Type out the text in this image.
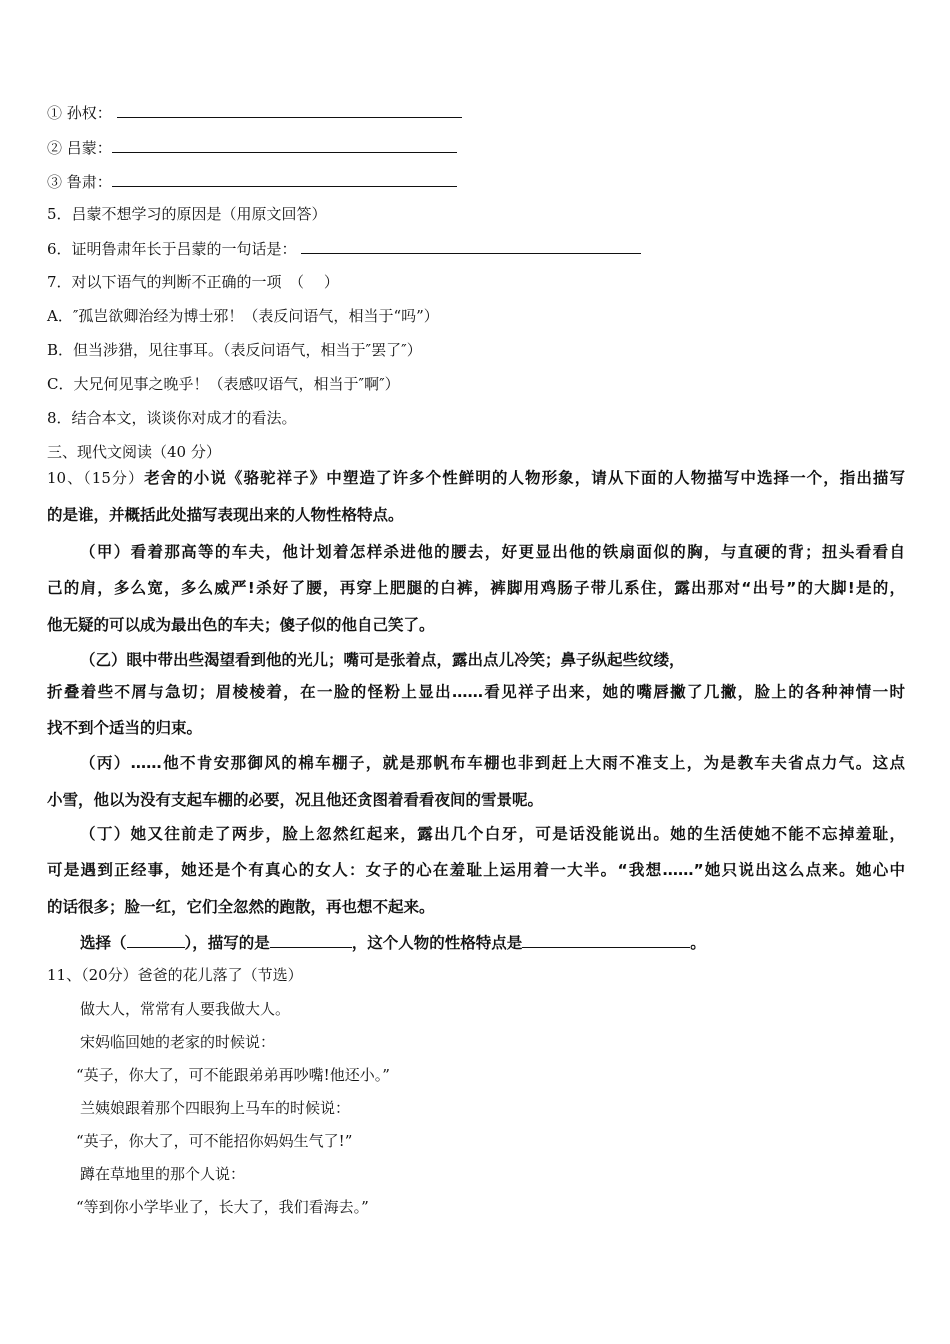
① 孙权：
② 吕蒙：
③ 鲁肃：
5．吕蒙不想学习的原因是（用原文回答）
6．证明鲁肃年长于吕蒙的一句话是：
7．对以下语气的判断不正确的一项　（　 ）
A．″孤岂欲卿治经为博士邪！（表反问语气，相当于“吗”）
B．但当涉猎，见往事耳。（表反问语气，相当于″罢了″）
C．大兄何见事之晚乎！（表感叹语气，相当于″啊″）
8．结合本文，谈谈你对成才的看法。
三、现代文阅读（40 分）
10、（15分）老舍的小说《骆驼祥子》中塑造了许多个性鲜明的人物形象，请从下面的人物描写中选择一个，指出描写
的是谁，并概括此处描写表现出来的人物性格特点。
（甲）看着那高等的车夫，他计划着怎样杀进他的腰去，好更显出他的铁扇面似的胸，与直硬的背；扭头看看自
己的肩，多么宽，多么威严!杀好了腰，再穿上肥腿的白裤，裤脚用鸡肠子带儿系住，露出那对“出号”的大脚!是的，
他无疑的可以成为最出色的车夫；傻子似的他自己笑了。
（乙）眼中带出些渴望看到他的光儿；嘴可是张着点，露出点儿冷笑；鼻子纵起些纹缕，
折叠着些不屑与急切；眉棱棱着，在一脸的怪粉上显出……看见祥子出来，她的嘴唇撇了几撇，脸上的各种神情一时
找不到个适当的归束。
（丙）……他不肯安那御风的棉车棚子，就是那帆布车棚也非到赶上大雨不准支上，为是教车夫省点力气。这点
小雪，他以为没有支起车棚的必要，况且他还贪图着看看夜间的雪景呢。
（丁）她又往前走了两步，脸上忽然红起来，露出几个白牙，可是话没能说出。她的生活使她不能不忘掉羞耻，
可是遇到正经事，她还是个有真心的女人：女子的心在羞耻上运用着一大半。“我想……”她只说出这么点来。她心中
的话很多；脸一红，它们全忽然的跑散，再也想不起来。
选择（	），描写的是	，这个人物的性格特点是	。
11、（20分）爸爸的花儿落了（节选）
做大人，常常有人要我做大人。
宋妈临回她的老家的时候说：
“英子，你大了，可不能跟弟弟再吵嘴!他还小。”
兰姨娘跟着那个四眼狗上马车的时候说：
“英子，你大了，可不能招你妈妈生气了!”
蹲在草地里的那个人说：
“等到你小学毕业了，长大了，我们看海去。”
